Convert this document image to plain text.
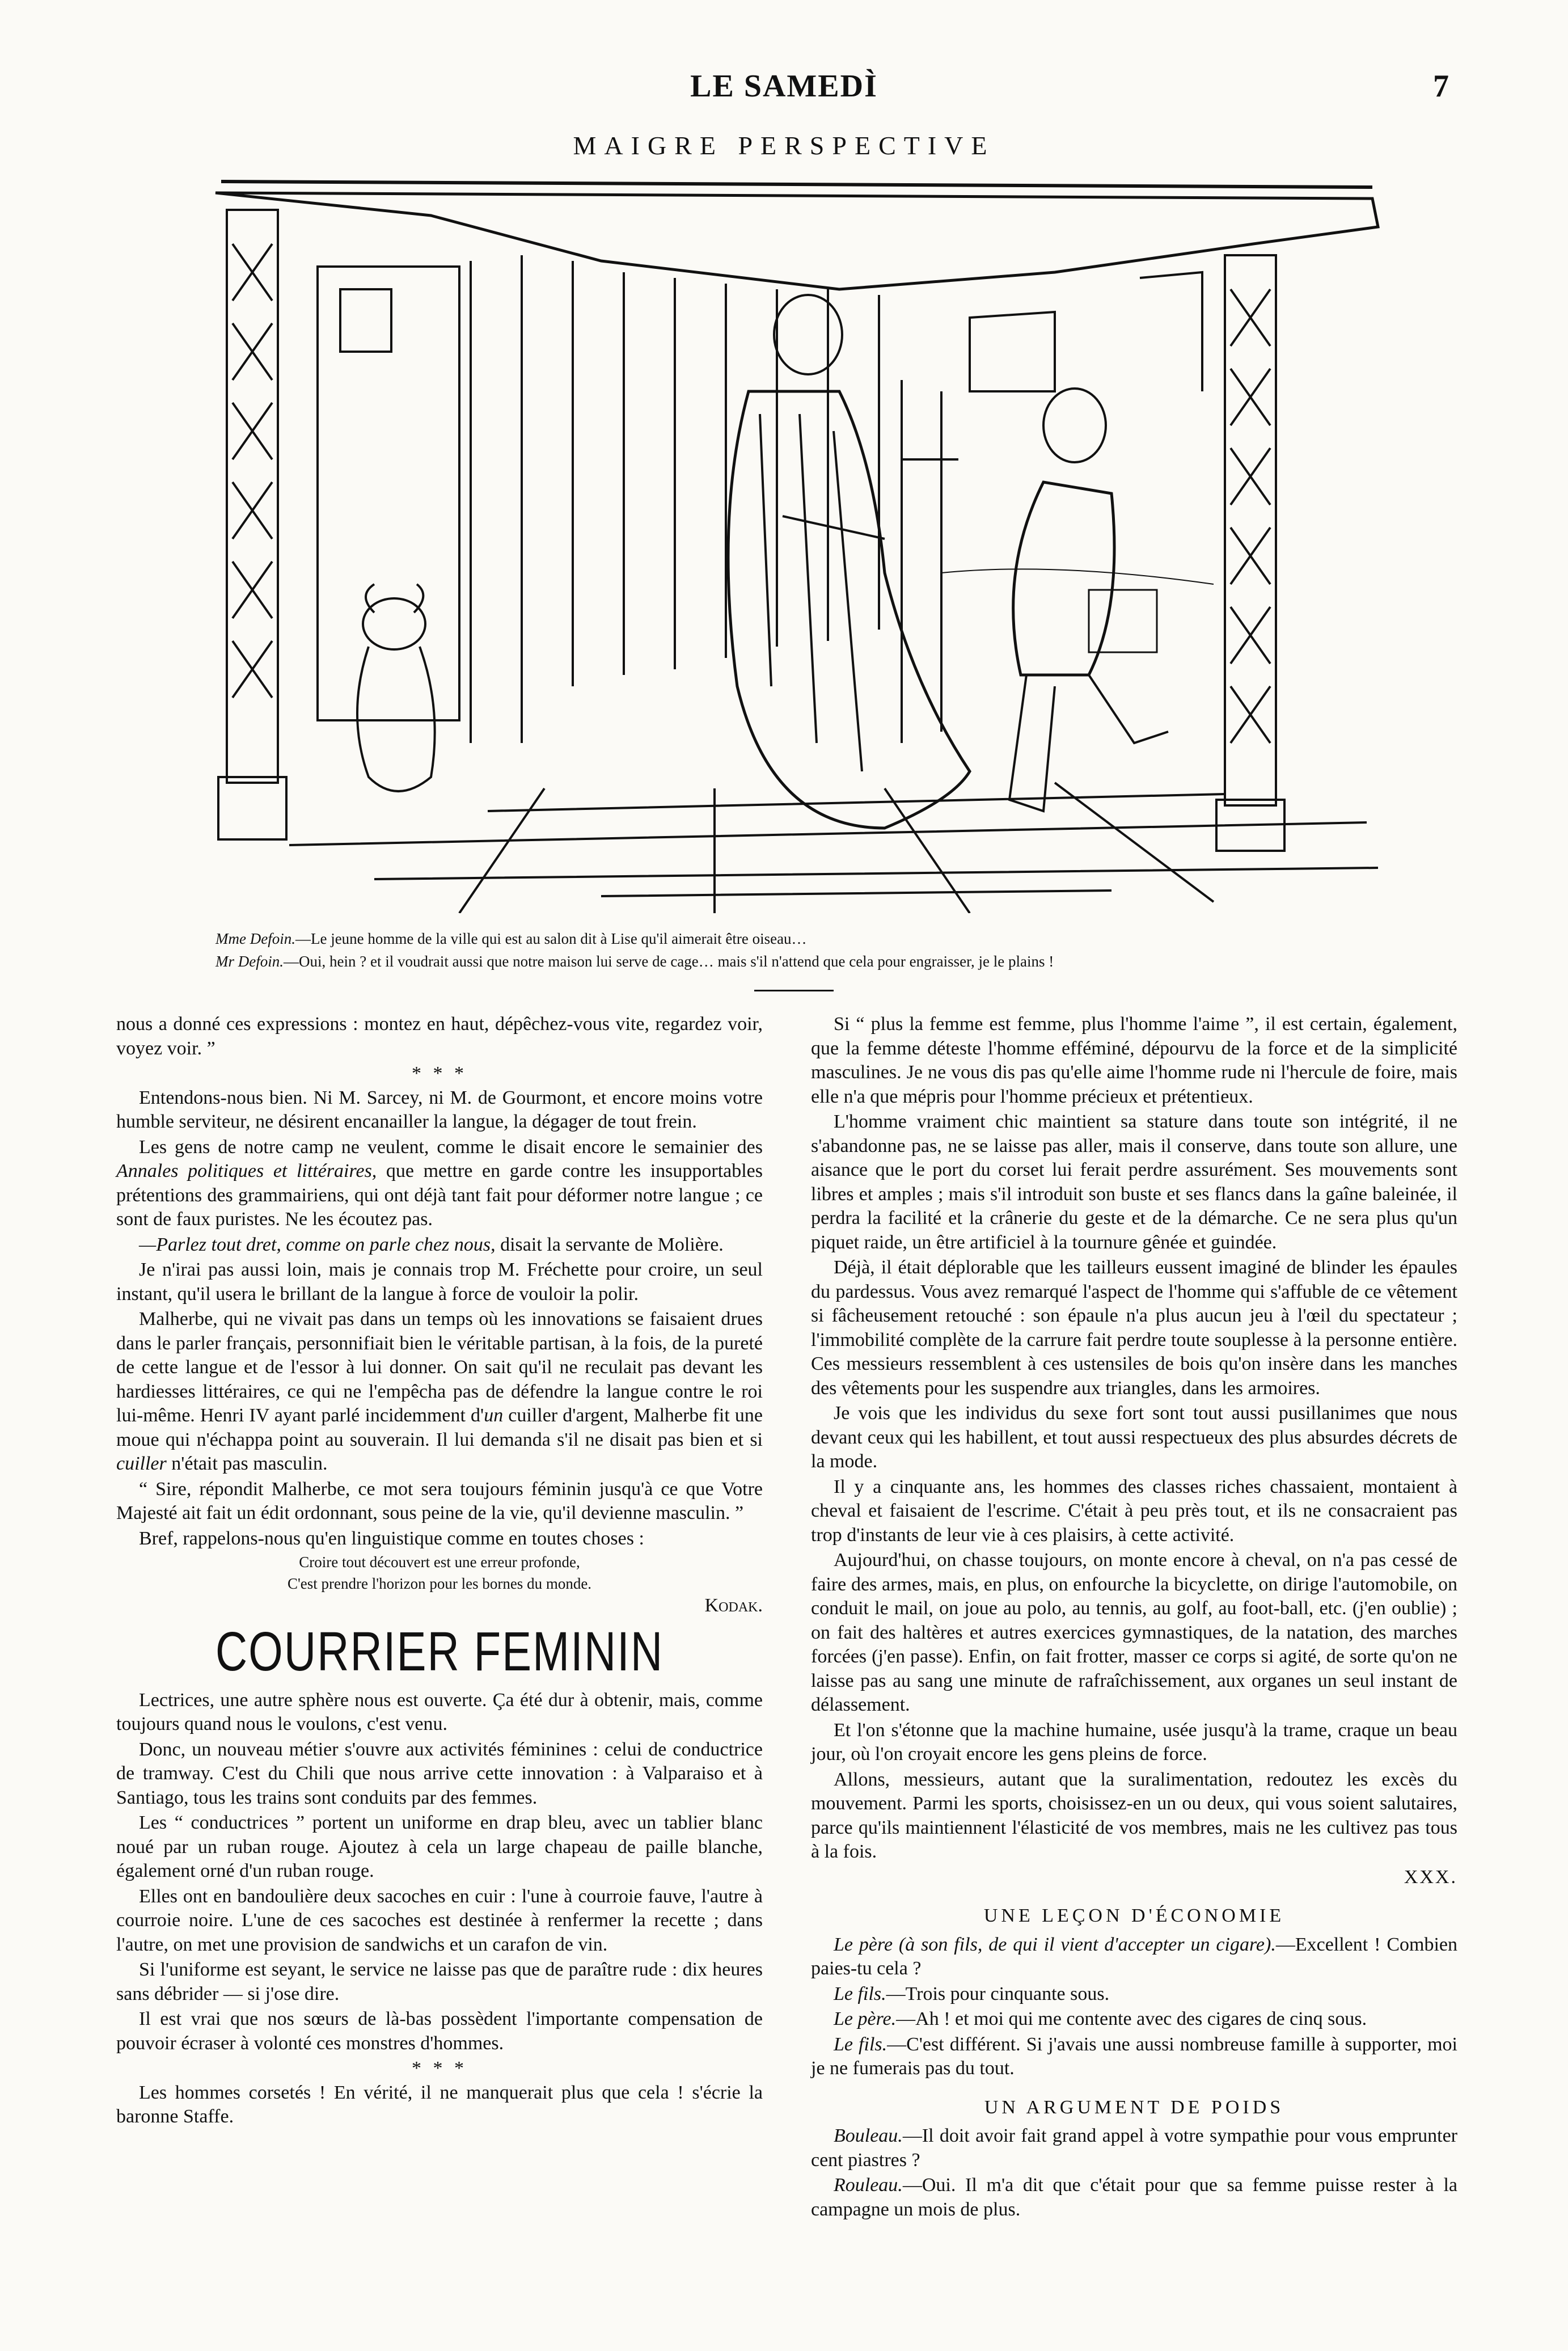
LE SAMEDÌ	7
MAIGRE PERSPECTIVE
Mme Defoin.—Le jeune homme de la ville qui est au salon dit à Lise qu'il aimerait être oiseau…
Mr Defoin.—Oui, hein ? et il voudrait aussi que notre maison lui serve de cage… mais s'il n'attend que cela pour engraisser, je le plains !

nous a donné ces expressions : montez en haut, dépêchez-vous vite, regardez voir, voyez voir. ”

* * *

Entendons-nous bien. Ni M. Sarcey, ni M. de Gourmont, et encore moins votre humble serviteur, ne désirent encanailler la langue, la dégager de tout frein.

Les gens de notre camp ne veulent, comme le disait encore le semainier des Annales politiques et littéraires, que mettre en garde contre les insupportables prétentions des grammairiens, qui ont déjà tant fait pour déformer notre langue ; ce sont de faux puristes. Ne les écoutez pas.

—Parlez tout dret, comme on parle chez nous, disait la servante de Molière.

Je n'irai pas aussi loin, mais je connais trop M. Fréchette pour croire, un seul instant, qu'il usera le brillant de la langue à force de vouloir la polir.

Malherbe, qui ne vivait pas dans un temps où les innovations se faisaient drues dans le parler français, personnifiait bien le véritable partisan, à la fois, de la pureté de cette langue et de l'essor à lui donner. On sait qu'il ne reculait pas devant les hardiesses littéraires, ce qui ne l'empêcha pas de défendre la langue contre le roi lui-même. Henri IV ayant parlé incidemment d'un cuiller d'argent, Malherbe fit une moue qui n'échappa point au souverain. Il lui demanda s'il ne disait pas bien et si cuiller n'était pas masculin.

“ Sire, répondit Malherbe, ce mot sera toujours féminin jusqu'à ce que Votre Majesté ait fait un édit ordonnant, sous peine de la vie, qu'il devienne masculin. ”

Bref, rappelons-nous qu'en linguistique comme en toutes choses :

Croire tout découvert est une erreur profonde,
C'est prendre l'horizon pour les bornes du monde.

Kodak.

COURRIER FEMININ

Lectrices, une autre sphère nous est ouverte. Ça été dur à obtenir, mais, comme toujours quand nous le voulons, c'est venu.

Donc, un nouveau métier s'ouvre aux activités féminines : celui de conductrice de tramway. C'est du Chili que nous arrive cette innovation : à Valparaiso et à Santiago, tous les trains sont conduits par des femmes.

Les “ conductrices ” portent un uniforme en drap bleu, avec un tablier blanc noué par un ruban rouge. Ajoutez à cela un large chapeau de paille blanche, également orné d'un ruban rouge.

Elles ont en bandoulière deux sacoches en cuir : l'une à courroie fauve, l'autre à courroie noire. L'une de ces sacoches est destinée à renfermer la recette ; dans l'autre, on met une provision de sandwichs et un carafon de vin.

Si l'uniforme est seyant, le service ne laisse pas que de paraître rude : dix heures sans débrider — si j'ose dire.

Il est vrai que nos sœurs de là-bas possèdent l'importante compensation de pouvoir écraser à volonté ces monstres d'hommes.

* * *

Les hommes corsetés ! En vérité, il ne manquerait plus que cela ! s'écrie la baronne Staffe.

Si “ plus la femme est femme, plus l'homme l'aime ”, il est certain, également, que la femme déteste l'homme efféminé, dépourvu de la force et de la simplicité masculines. Je ne vous dis pas qu'elle aime l'homme rude ni l'hercule de foire, mais elle n'a que mépris pour l'homme précieux et prétentieux.

L'homme vraiment chic maintient sa stature dans toute son intégrité, il ne s'abandonne pas, ne se laisse pas aller, mais il conserve, dans toute son allure, une aisance que le port du corset lui ferait perdre assurément. Ses mouvements sont libres et amples ; mais s'il introduit son buste et ses flancs dans la gaîne baleinée, il perdra la facilité et la crânerie du geste et de la démarche. Ce ne sera plus qu'un piquet raide, un être artificiel à la tournure gênée et guindée.

Déjà, il était déplorable que les tailleurs eussent imaginé de blinder les épaules du pardessus. Vous avez remarqué l'aspect de l'homme qui s'affuble de ce vêtement si fâcheusement retouché : son épaule n'a plus aucun jeu à l'œil du spectateur ; l'immobilité complète de la carrure fait perdre toute souplesse à la personne entière. Ces messieurs ressemblent à ces ustensiles de bois qu'on insère dans les manches des vêtements pour les suspendre aux triangles, dans les armoires.

Je vois que les individus du sexe fort sont tout aussi pusillanimes que nous devant ceux qui les habillent, et tout aussi respectueux des plus absurdes décrets de la mode.

Il y a cinquante ans, les hommes des classes riches chassaient, montaient à cheval et faisaient de l'escrime. C'était à peu près tout, et ils ne consacraient pas trop d'instants de leur vie à ces plaisirs, à cette activité.

Aujourd'hui, on chasse toujours, on monte encore à cheval, on n'a pas cessé de faire des armes, mais, en plus, on enfourche la bicyclette, on dirige l'automobile, on conduit le mail, on joue au polo, au tennis, au golf, au foot-ball, etc. (j'en oublie) ; on fait des haltères et autres exercices gymnastiques, de la natation, des marches forcées (j'en passe). Enfin, on fait frotter, masser ce corps si agité, de sorte qu'on ne laisse pas au sang une minute de rafraîchissement, aux organes un seul instant de délassement.

Et l'on s'étonne que la machine humaine, usée jusqu'à la trame, craque un beau jour, où l'on croyait encore les gens pleins de force.

Allons, messieurs, autant que la suralimentation, redoutez les excès du mouvement. Parmi les sports, choisissez-en un ou deux, qui vous soient salutaires, parce qu'ils maintiennent l'élasticité de vos membres, mais ne les cultivez pas tous à la fois.

XXX.

UNE LEÇON D'ÉCONOMIE

Le père (à son fils, de qui il vient d'accepter un cigare).—Excellent ! Combien paies-tu cela ?

Le fils.—Trois pour cinquante sous.

Le père.—Ah ! et moi qui me contente avec des cigares de cinq sous.

Le fils.—C'est différent. Si j'avais une aussi nombreuse famille à supporter, moi je ne fumerais pas du tout.

UN ARGUMENT DE POIDS

Bouleau.—Il doit avoir fait grand appel à votre sympathie pour vous emprunter cent piastres ?

Rouleau.—Oui. Il m'a dit que c'était pour que sa femme puisse rester à la campagne un mois de plus.
